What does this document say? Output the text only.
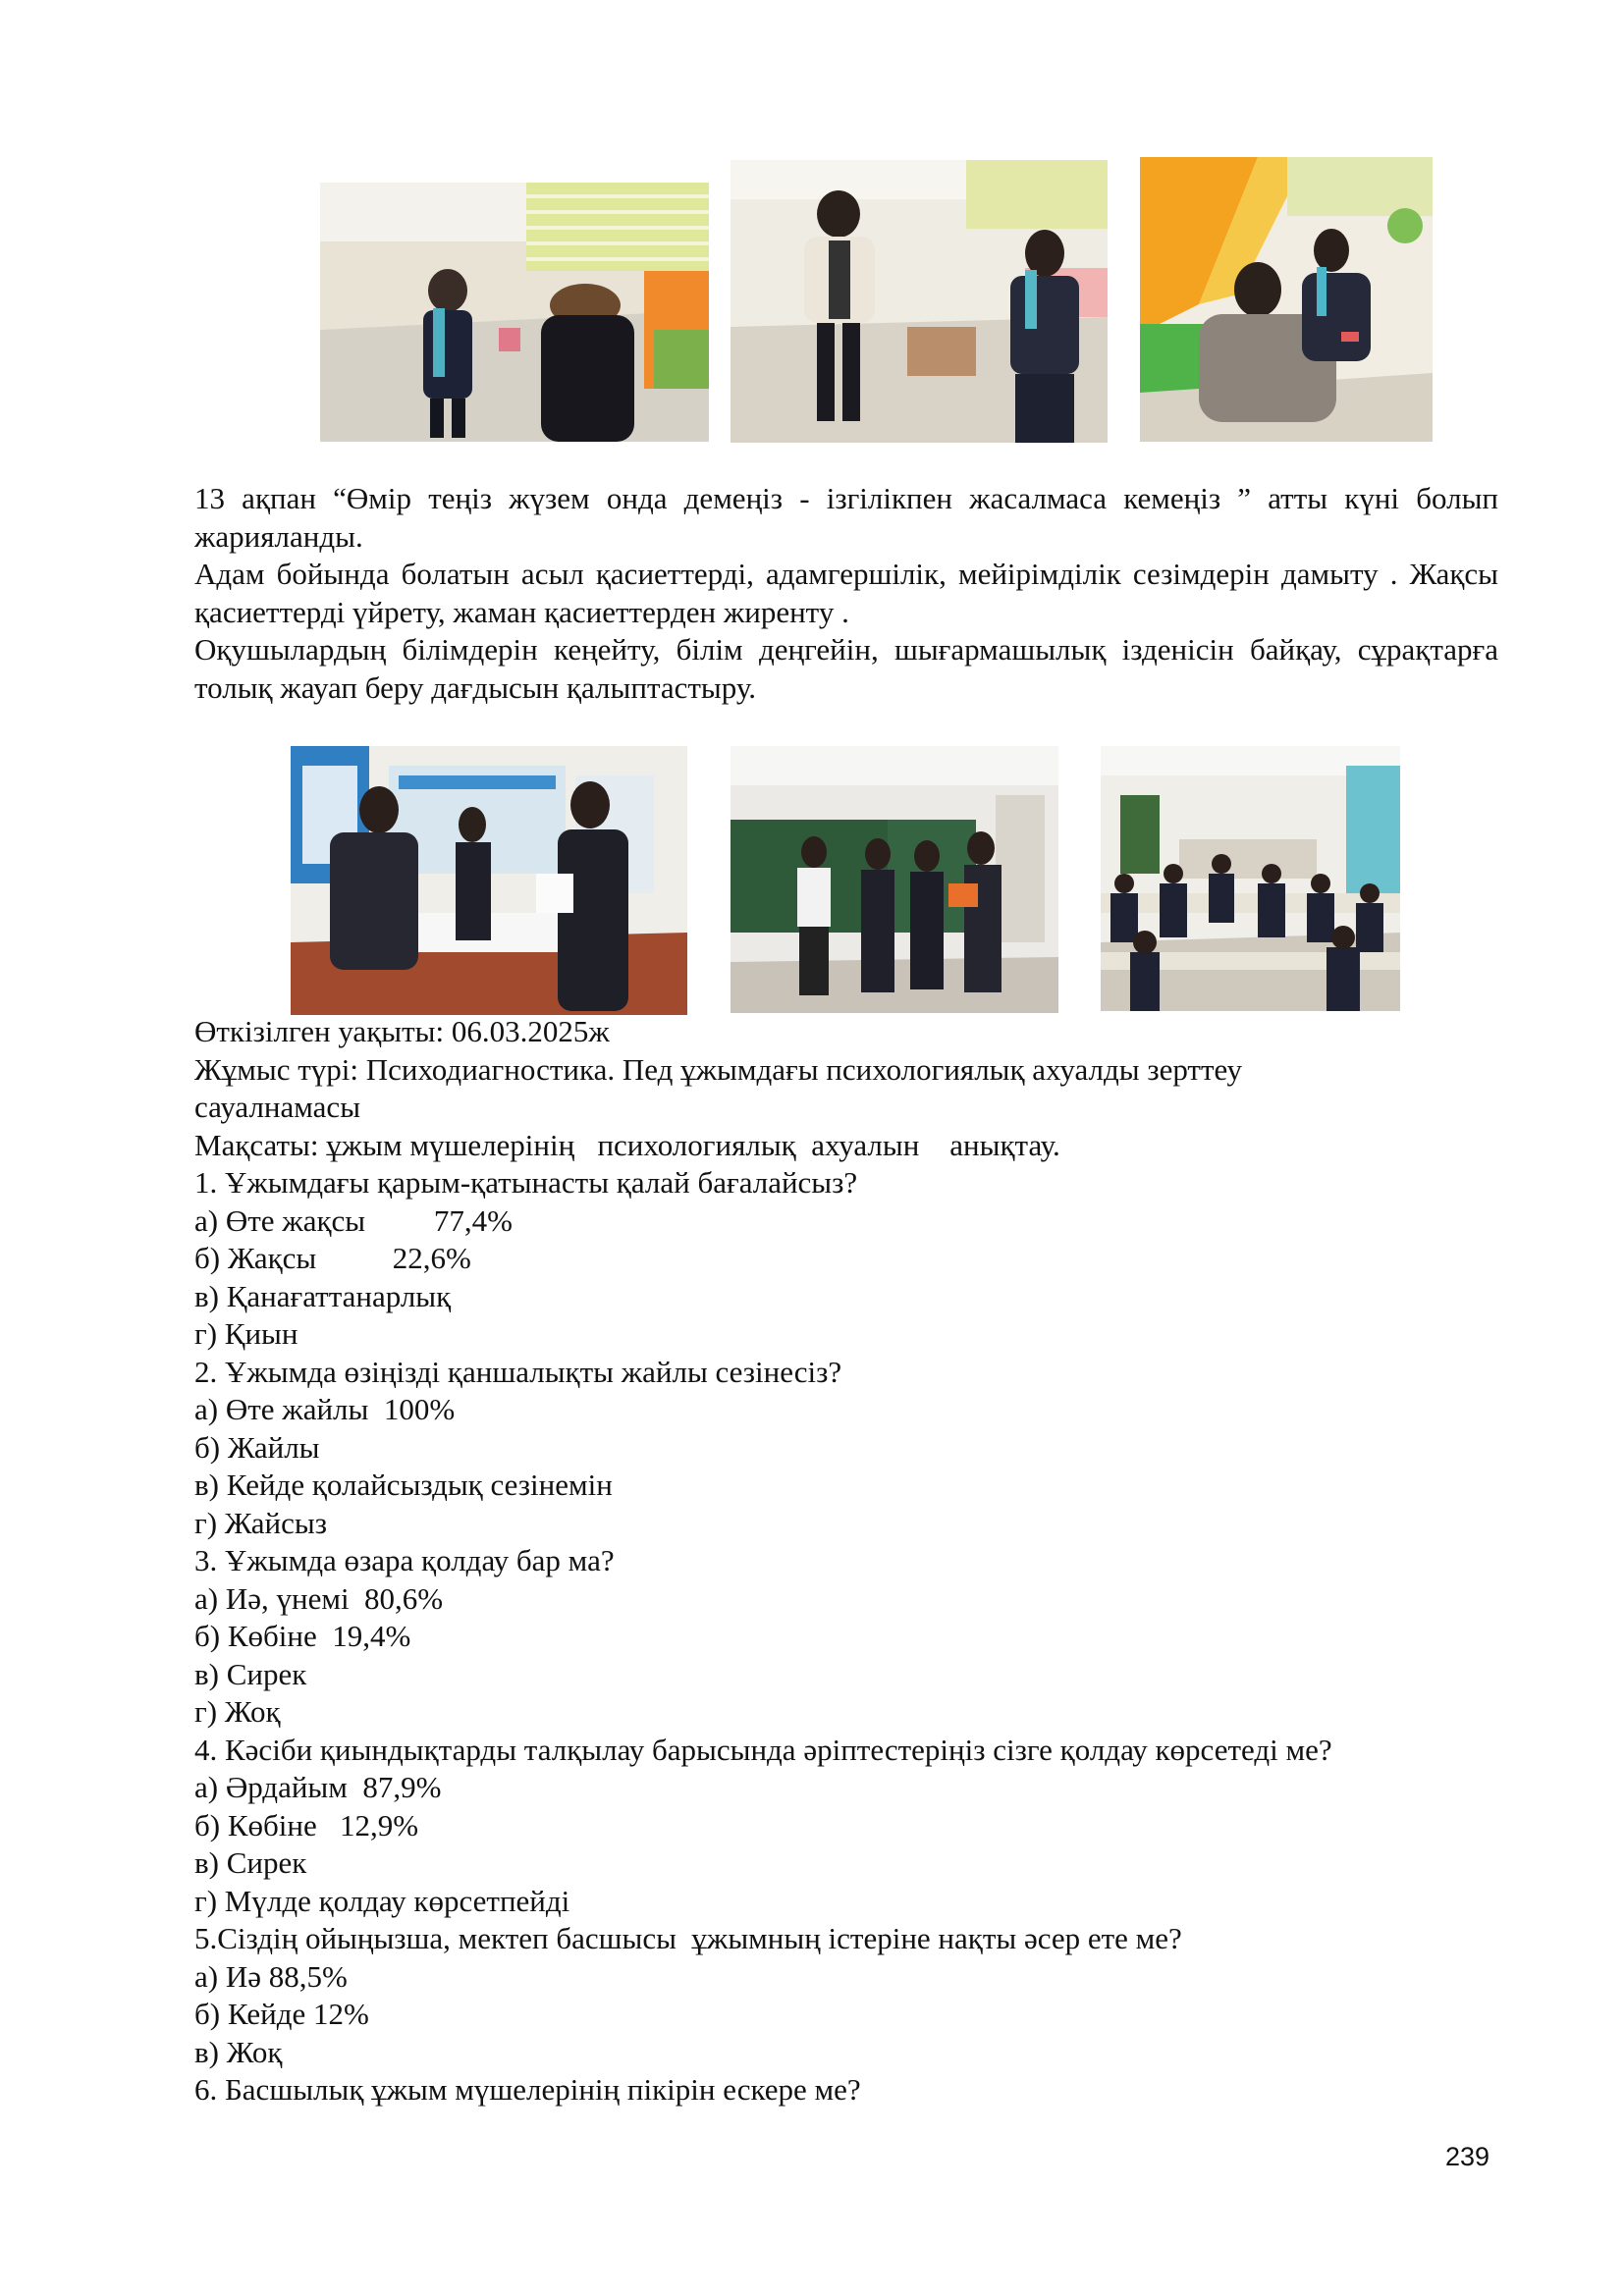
13 ақпан “Өмір теңіз жүзем онда демеңіз - ізгілікпен жасалмаса кемеңіз ” атты күні болып жарияланды.

Адам бойында болатын асыл қасиеттерді, адамгершілік, мейірімділік сезімдерін дамыту . Жақсы қасиеттерді үйрету, жаман қасиеттерден жиренту .

Оқушылардың білімдерін кеңейту, білім деңгейін, шығармашылық ізденісін байқау, сұрақтарға толық жауап беру дағдысын қалыптастыру.

Өткізілген уақыты: 06.03.2025ж

Жұмыс түрі: Психодиагностика. Пед ұжымдағы психологиялық ахуалды зерттеу

сауалнамасы

Мақсаты: ұжым мүшелерінің   психологиялық  ахуалын    анықтау.

1. Ұжымдағы қарым-қатынасты қалай бағалайсыз?

а) Өте жақсы         77,4%

б) Жақсы          22,6%

в) Қанағаттанарлық

г) Қиын

2. Ұжымда өзіңізді қаншалықты жайлы сезінесіз?

а) Өте жайлы  100%

б) Жайлы

в) Кейде қолайсыздық сезінемін

г) Жайсыз

3. Ұжымда өзара қолдау бар ма?

а) Иә, үнемі  80,6%

б) Көбіне  19,4%

в) Сирек

г) Жоқ

4. Кәсіби қиындықтарды талқылау барысында әріптестеріңіз сізге қолдау көрсетеді ме?

а) Әрдайым  87,9%

б) Көбіне   12,9%

в) Сирек

г) Мүлде қолдау көрсетпейді

5.Сіздің ойыңызша, мектеп басшысы  ұжымның істеріне нақты әсер ете ме?

а) Иә 88,5%

б) Кейде 12%

в) Жоқ

6. Басшылық ұжым мүшелерінің пікірін ескере ме?

239
